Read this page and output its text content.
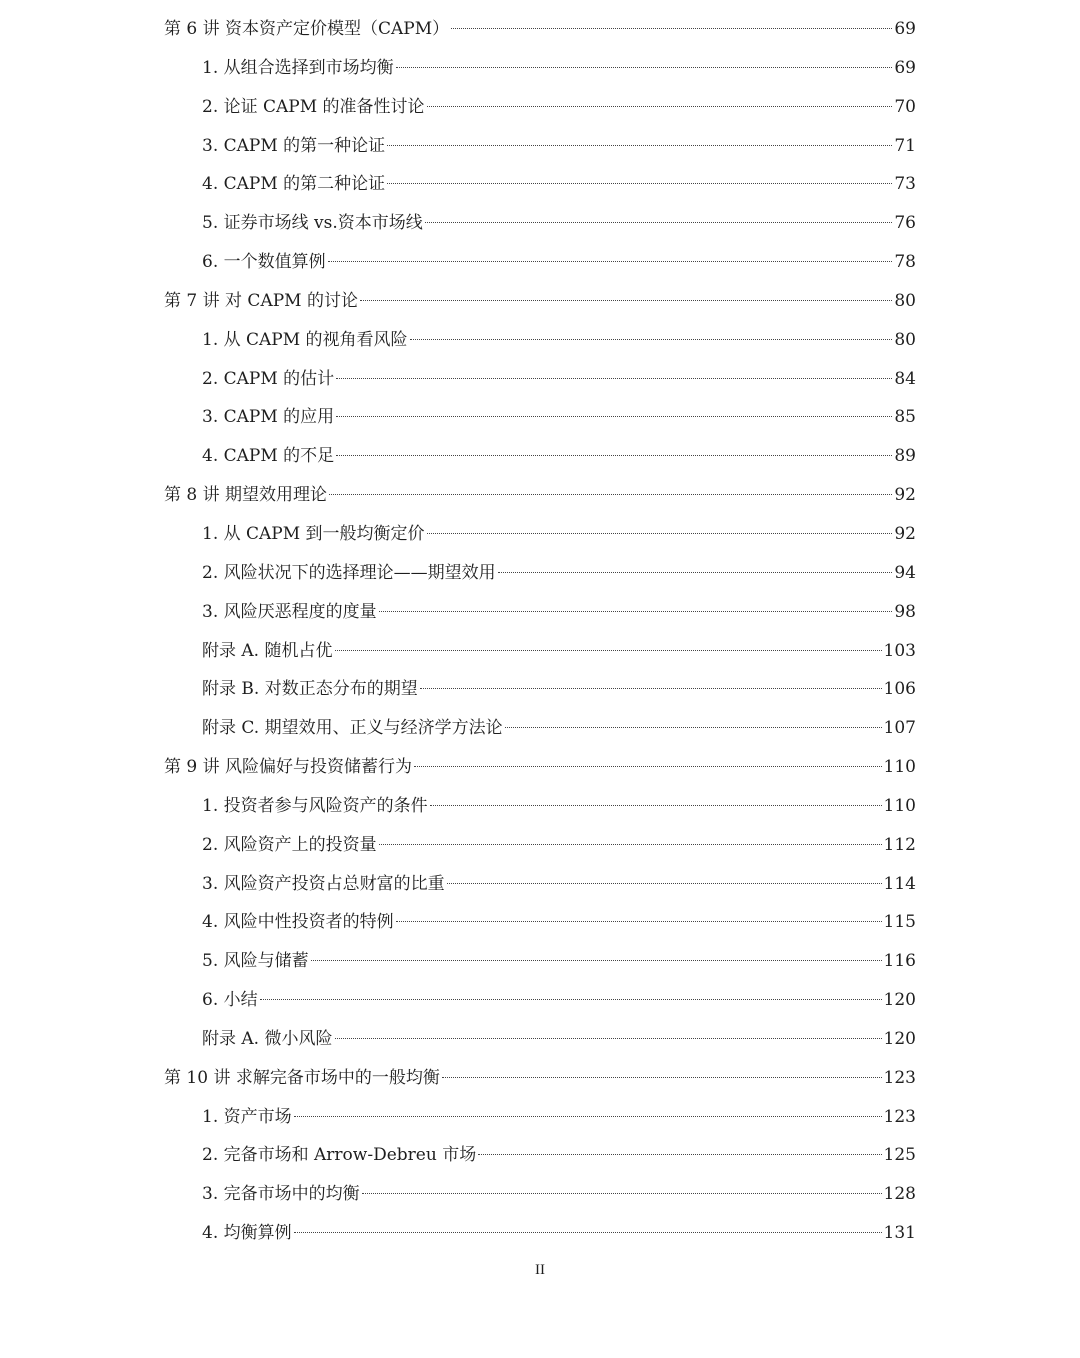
第 6 讲 资本资产定价模型（CAPM）	69
1. 从组合选择到市场均衡	69
2. 论证 CAPM 的准备性讨论	70
3. CAPM 的第一种论证	71
4. CAPM 的第二种论证	73
5. 证券市场线 vs.资本市场线	76
6. 一个数值算例	78
第 7 讲 对 CAPM 的讨论	80
1. 从 CAPM 的视角看风险	80
2. CAPM 的估计	84
3. CAPM 的应用	85
4. CAPM 的不足	89
第 8 讲 期望效用理论	92
1. 从 CAPM 到一般均衡定价	92
2. 风险状况下的选择理论——期望效用	94
3. 风险厌恶程度的度量	98
附录 A. 随机占优	103
附录 B. 对数正态分布的期望	106
附录 C. 期望效用、正义与经济学方法论	107
第 9 讲 风险偏好与投资储蓄行为	110
1. 投资者参与风险资产的条件	110
2. 风险资产上的投资量	112
3. 风险资产投资占总财富的比重	114
4. 风险中性投资者的特例	115
5. 风险与储蓄	116
6. 小结	120
附录 A. 微小风险	120
第 10 讲 求解完备市场中的一般均衡	123
1. 资产市场	123
2. 完备市场和 Arrow-Debreu 市场	125
3. 完备市场中的均衡	128
4. 均衡算例	131
II
